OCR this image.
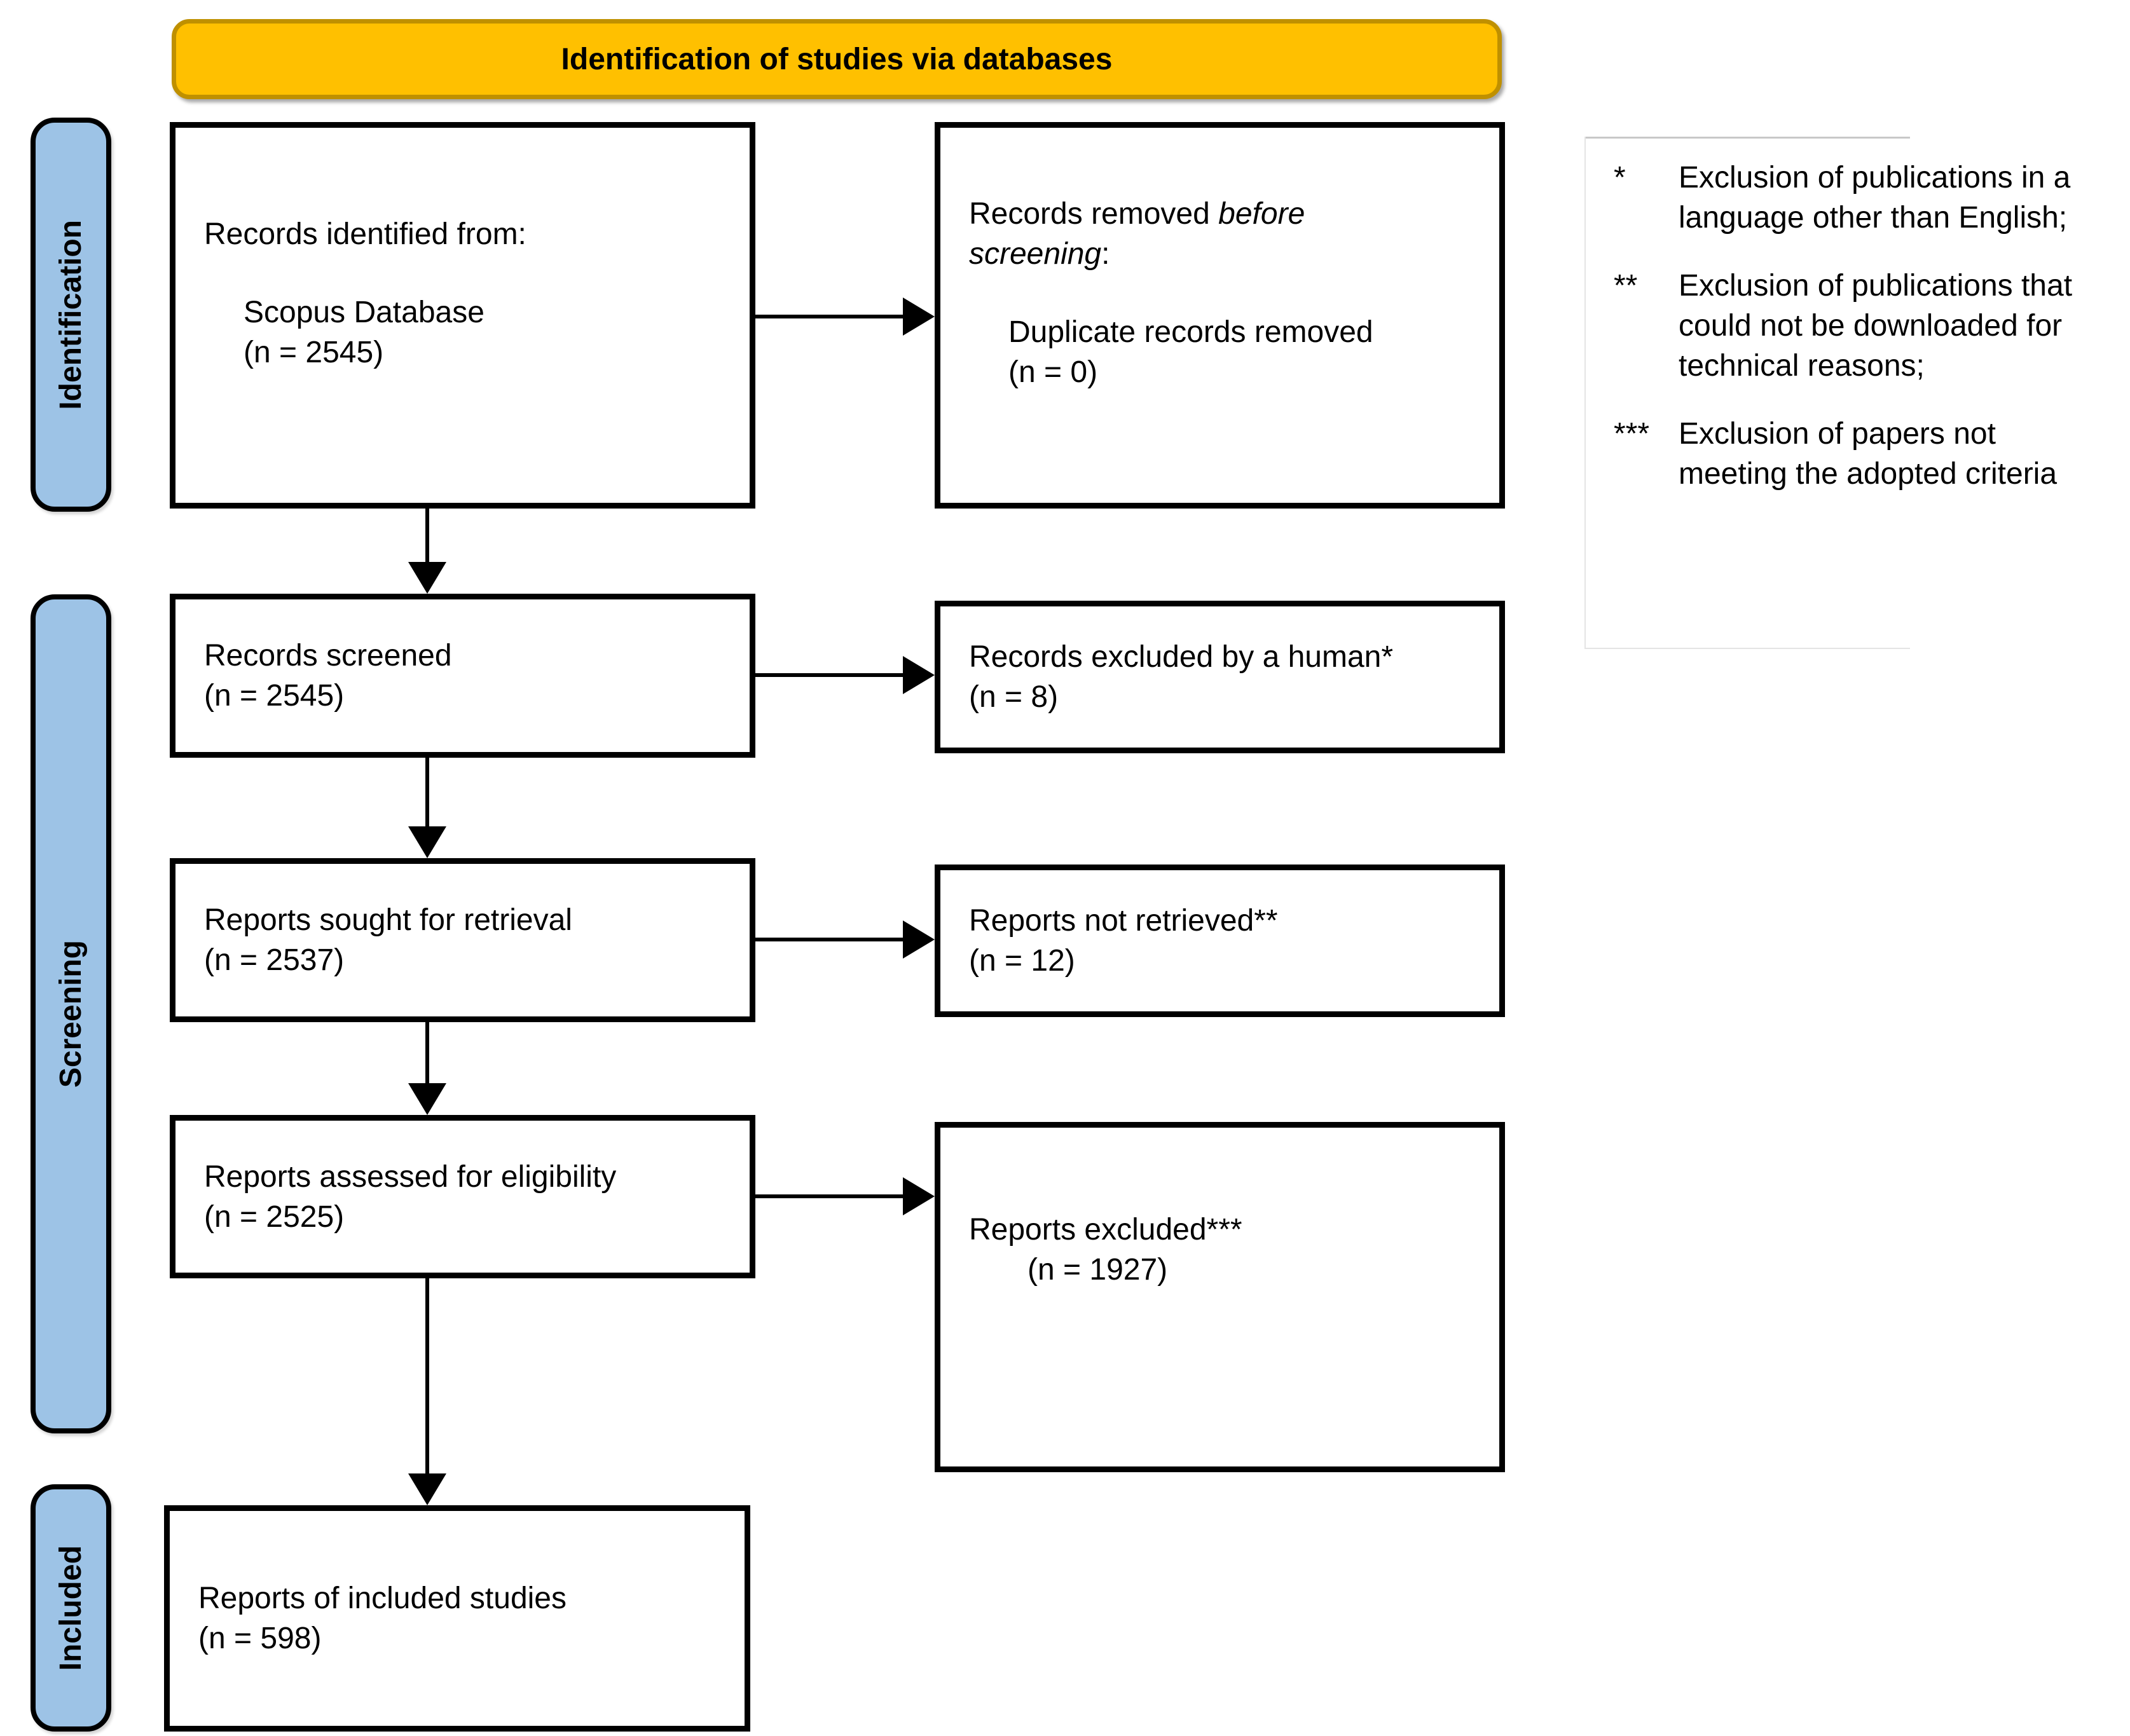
Identification of studies via databases
Identification
Screening
Included
Records identified from:
Scopus Database
(n = 2545)
Records removed before
screening:
Duplicate records removed
(n = 0)
Records screened
(n = 2545)
Records excluded by a human*
(n = 8)
Reports sought for retrieval
(n = 2537)
Reports not retrieved**
(n = 12)
Reports assessed for eligibility
(n = 2525)	Reports excluded***
(n = 1927)
Reports of included studies
(n = 598)
*	Exclusion of publications in a
language other than English;
**	Exclusion of publications that
could not be downloaded for
technical reasons;
*** Exclusion of papers not
meeting the adopted criteria
